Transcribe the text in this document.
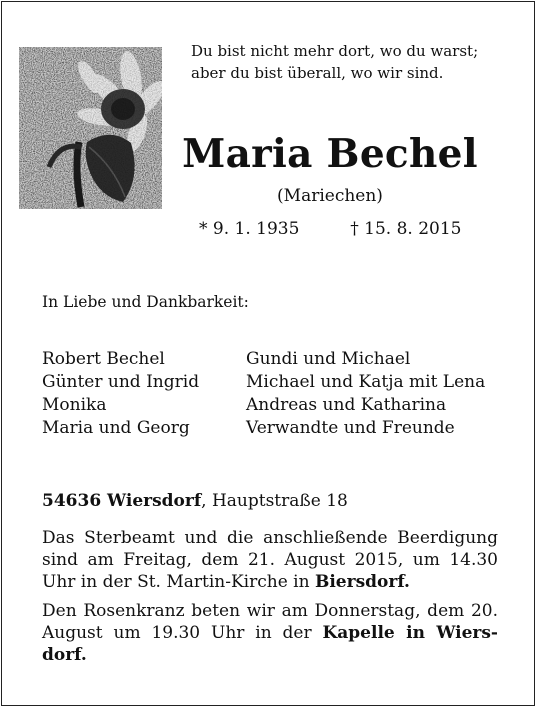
Du bist nicht mehr dort, wo du warst;
aber du bist überall, wo wir sind.
Maria Bechel
(Mariechen)
* 9. 1. 1935	† 15. 8. 2015
In Liebe und Dankbarkeit:
Robert Bechel
Günter und Ingrid
Monika
Maria und Georg
Gundi und Michael
Michael und Katja mit Lena
Andreas und Katharina
Verwandte und Freunde
54636 Wiersdorf, Hauptstraße 18
Das Sterbeamt und die anschließende Beerdigung sind am Freitag, dem 21. August 2015, um 14.30 Uhr in der St. Martin-Kirche in Biersdorf.
Den Rosenkranz beten wir am Donnerstag, dem 20. August um 19.30 Uhr in der Kapelle in Wiers-dorf.
